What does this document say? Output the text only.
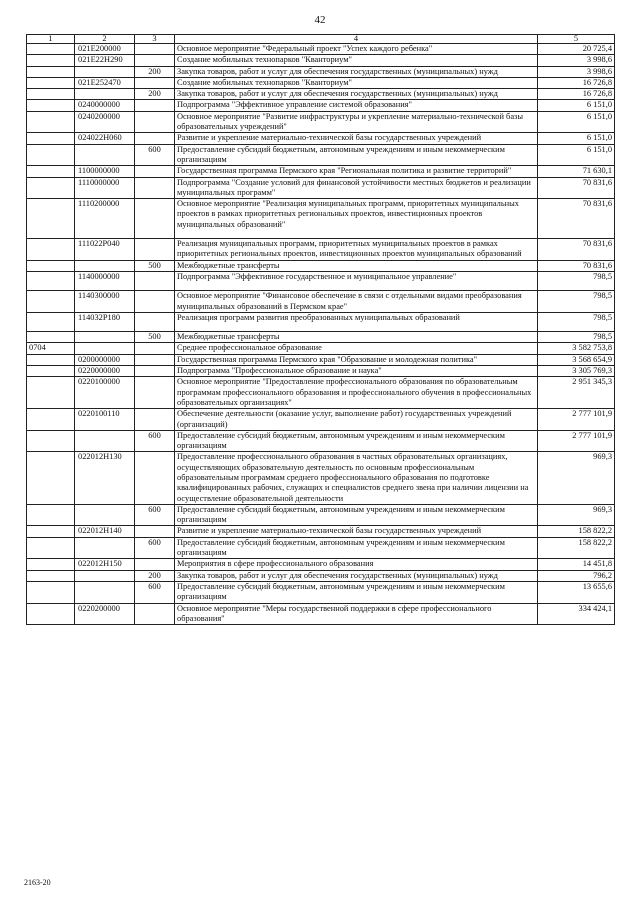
42
1	2	3	4	5
	021E200000		Основное мероприятие "Федеральный проект "Успех каждого ребенка"	20 725,4
	021E22H290		Создание мобильных технопарков "Кванториум"	3 998,6
		200	Закупка товаров, работ и услуг для обеспечения государственных (муниципальных) нужд	3 998,6
	021E252470		Создание мобильных технопарков "Кванториум"	16 726,8
		200	Закупка товаров, работ и услуг для обеспечения государственных (муниципальных) нужд	16 726,8
	0240000000		Подпрограмма "Эффективное управление системой образования"	6 151,0
	0240200000		Основное мероприятие "Развитие инфраструктуры и укрепление материально-технической базы образовательных учреждений"	6 151,0
	024022Н060		Развитие и укрепление материально-технической базы государственных учреждений	6 151,0
		600	Предоставление субсидий бюджетным, автономным учреждениям и иным некоммерческим организациям	6 151,0
	1100000000		Государственная программа Пермского края "Региональная политика и развитие территорий"	71 630,1
	1110000000		Подпрограмма "Создание условий для финансовой устойчивости местных бюджетов и реализации муниципальных программ"	70 831,6
	1110200000		Основное мероприятие "Реализация муниципальных программ, приоритетных муниципальных проектов в рамках приоритетных региональных проектов, инвестиционных проектов муниципальных образований"	70 831,6
	111022Р040		Реализация муниципальных программ, приоритетных муниципальных проектов в рамках приоритетных региональных проектов, инвестиционных проектов муниципальных образований	70 831,6
		500	Межбюджетные трансферты	70 831,6
	1140000000		Подпрограмма "Эффективное государственное и муниципальное управление"	798,5
	1140300000		Основное мероприятие "Финансовое обеспечение в связи с отдельными видами преобразования муниципальных образований в Пермском крае"	798,5
	114032Р180		Реализация программ развития преобразованных муниципальных образований	798,5
		500	Межбюджетные трансферты	798,5
0704			Среднее профессиональное образование	3 582 753,8
	0200000000		Государственная программа Пермского края "Образование и молодежная политика"	3 568 654,9
	0220000000		Подпрограмма "Профессиональное образование и наука"	3 305 769,3
	0220100000		Основное мероприятие "Предоставление профессионального образования по образовательным программам профессионального образования и профессионального обучения в профессиональных образовательных организациях"	2 951 345,3
	0220100110		Обеспечение деятельности (оказание услуг, выполнение работ) государственных учреждений (организаций)	2 777 101,9
		600	Предоставление субсидий бюджетным, автономным учреждениям и иным некоммерческим организациям	2 777 101,9
	022012Н130		Предоставление профессионального образования в частных образовательных организациях, осуществляющих образовательную деятельность по основным профессиональным образовательным программам среднего профессионального образования по подготовке квалифицированных рабочих, служащих и специалистов среднего звена при наличии лицензии на осуществление образовательной деятельности	969,3
		600	Предоставление субсидий бюджетным, автономным учреждениям и иным некоммерческим организациям	969,3
	022012Н140		Развитие и укрепление материально-технической базы государственных учреждений	158 822,2
		600	Предоставление субсидий бюджетным, автономным учреждениям и иным некоммерческим организациям	158 822,2
	022012Н150		Мероприятия в сфере профессионального образования	14 451,8
		200	Закупка товаров, работ и услуг для обеспечения государственных (муниципальных) нужд	796,2
		600	Предоставление субсидий бюджетным, автономным учреждениям и иным некоммерческим организациям	13 655,6
	0220200000		Основное мероприятие "Меры государственной поддержки в сфере профессионального образования"	334 424,1
2163-20
